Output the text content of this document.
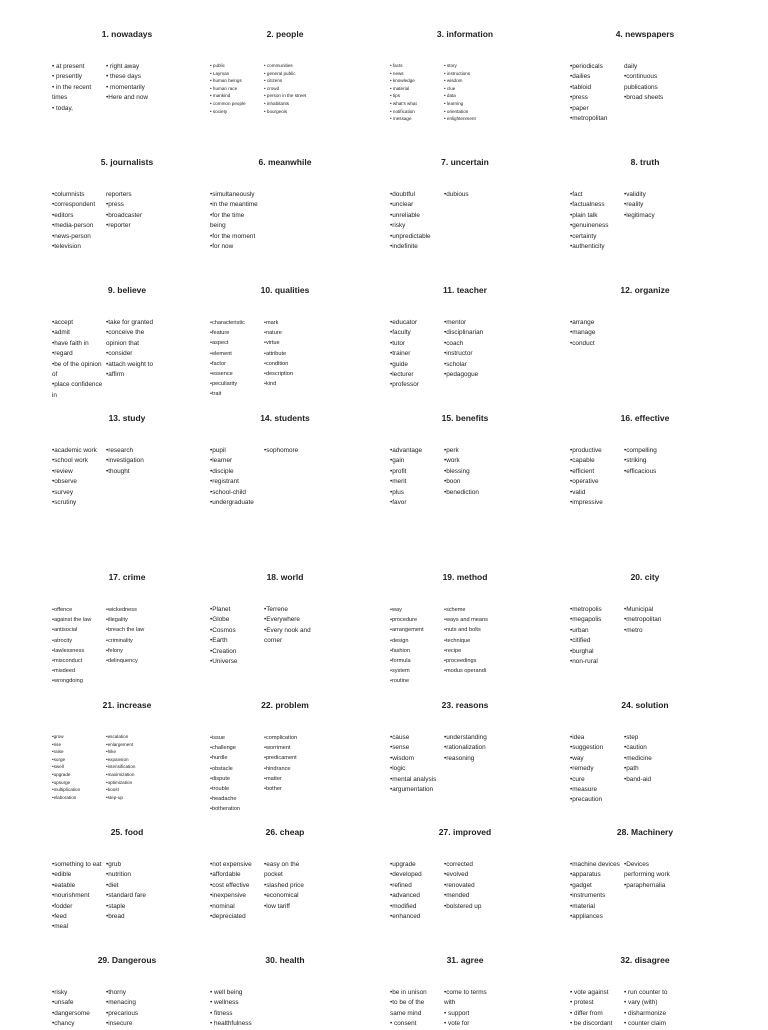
1. nowadays
• at present
• presently
• in the recent
times
• today,
• right away
• these days
• momentarily
•Here and now
2. people
• public
• Layman
• human beings
• human race
• mankind
• common people
• society
• communities
• general public
• citizens
• crowd
• person in the street
• inhabitants
• bourgeois
3. information
• facts
• news
• knowledge
• material
• tips
• what's what
• notification
• message
• story
• instructions
• wisdom
• clue
• data
• learning
• orientation
• enlightenment
4. newspapers
•periodicals
•dailies
•tabloid
•press
•paper
•metropolitan
daily
•continuous
publications
•broad sheets
5. journalists
•columnists
•correspondent
•editors
•media-person
•news-person
•television
reporters
•press
•broadcaster
•reporter
6. meanwhile
•simultaneously
•in the meantime
•for the time
being
•for the moment
•for now
7. uncertain
•doubtful
•unclear
•unreliable
•risky
•unpredictable
•indefinite
•dubious
8. truth
•fact
•factualness
•plain talk
•genuineness
•certainty
•authenticity
•validity
•reality
•legitimacy
9. believe
•accept
•admit
•have faith in
•regard
•be of the opinion
of
•place confidence in
•take for granted
•conceive the
opinion that
•consider
•attach weight to
•affirm
10. qualities
•characteristic
•feature
•aspect
•element
•factor
•essence
•peculiarity
•trait
•mark
•nature
•virtue
•attribute
•condition
•description
•kind
11. teacher
•educator
•faculty
•tutor
•trainer
•guide
•lecturer
•professor
•mentor
•disciplinarian
•coach
•instructor
•scholar
•pedagogue
12. organize
•arrange
•manage
•conduct
13. study
•academic work
•school work
•review
•observe
•survey
•scrutiny
•research
•investigation
•thought
14. students
•pupil
•learner
•disciple
•registrant
•school-child
•undergraduate
•sophomore
15. benefits
•advantage
•gain
•profit
•merit
•plus
•favor
•perk
•work
•blessing
•boon
•benediction
16. effective
•productive
•capable
•efficient
•operative
•valid
•impressive
•compelling
•striking
•efficacious
17. crime
•offence
•against the law
•antisocial
•atrocity
•lawlessness
•misconduct
•misdeed
•wrongdoing
•wickedness
•illegality
•breach the law
•criminality
•felony
•delinquency
18. world
•Planet
•Globe
•Cosmos
•Earth
•Creation
•Universe
•Terrene
•Everywhere
•Every nook and
corner
19. method
•way
•procedure
•arrangement
•design
•fashion
•formula
•system
•routine
•scheme
•ways and means
•nuts and bolts
•technique
•recipe
•proceedings
•modus operandi
20. city
•metropolis
•megapolis
•urban
•citified
•burghal
•non-rural
•Municipal
•metropolitan
•metro
21. increase
•grow
•rise
•raise
•surge
•swell
•upgrade
•upsurge
•multiplication
•elaboration
•escalation
•enlargement
•hike
•expansion
•intensification
•maximization
•optimization
•boost
•step-up
22. problem
•issue
•challenge
•hurdle
•obstacle
•dispute
•trouble
•headache
•botheration
•complication
•worriment
•predicament
•hindrance
•matter
•bother
23. reasons
•cause
•sense
•wisdom
•logic
•mental analysis
•argumentation
•understanding
•rationalization
•reasoning
24. solution
•idea
•suggestion
•way
•remedy
•cure
•measure
•precaution
•step
•caution
•medicine
•path
•band-aid
25. food
•something to eat
•edible
•eatable
•nourishment
•fodder
•feed
•meal
•grub
•nutrition
•diet
•standard fare
•staple
•bread
26. cheap
•not expensive
•affordable
•cost effective
•inexpensive
•nominal
•depreciated
•easy on the
pocket
•slashed price
•economical
•low tariff
27. improved
•upgrade
•developed
•refined
•advanced
•modified
•enhanced
•corrected
•evolved
•renovated
•mended
•bolstered up
28. Machinery
•machine devices
•apparatus
•gadget
•instruments
•material
•appliances
•Devices
performing work
•paraphernalia
29. Dangerous
•risky
•unsafe
•dangersome
•chancy
•thorny
•menacing
•precarious
•insecure
30. health
• well being
• wellness
• fitness
• healthfulness
31. agree
•be in unison
•to be of the
same mind
• consent
•come to terms
with
• support
• vote for
32. disagree
• vote against
• protest
• differ from
• be discordant
• run counter to
• vary (with)
• disharmonize
• counter claim
